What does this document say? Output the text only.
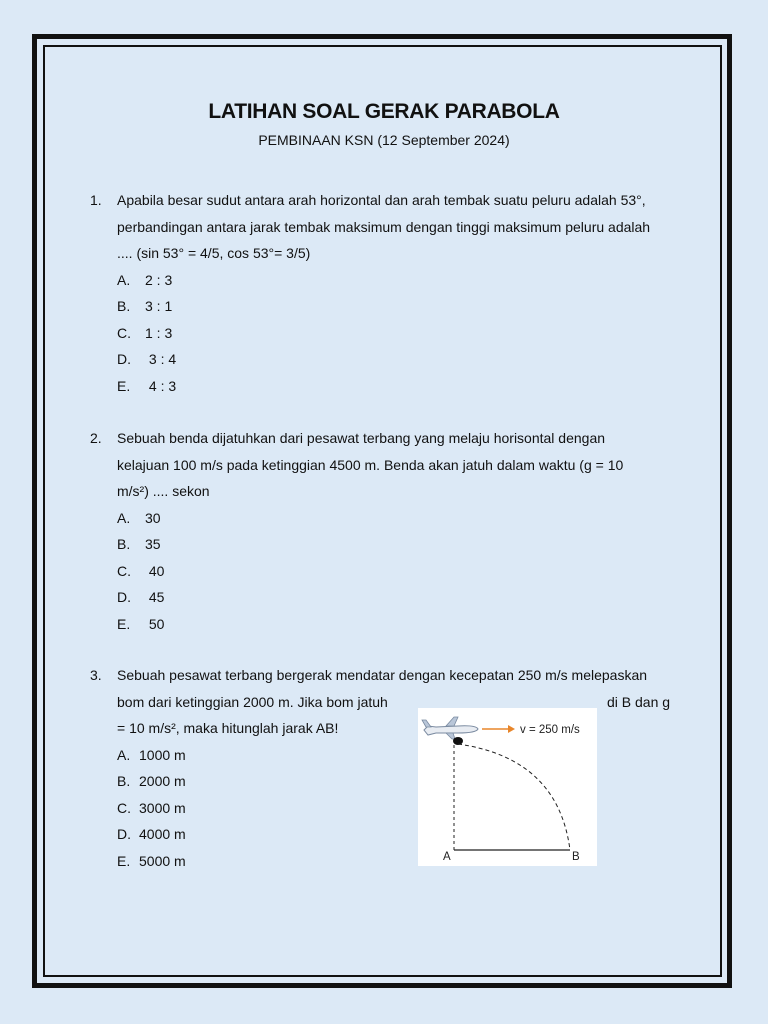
LATIHAN SOAL GERAK PARABOLA
PEMBINAAN KSN (12 September 2024)
1. Apabila besar sudut antara arah horizontal dan arah tembak suatu peluru adalah 53°,
perbandingan antara jarak tembak maksimum dengan tinggi maksimum peluru adalah
.... (sin 53° = 4/5, cos 53°= 3/5)
A. 2 : 3
B. 3 : 1
C. 1 : 3
D. 3 : 4
E. 4 : 3
2. Sebuah benda dijatuhkan dari pesawat terbang yang melaju horisontal dengan
kelajuan 100 m/s pada ketinggian 4500 m. Benda akan jatuh dalam waktu (g = 10
m/s²) .... sekon
A. 30
B. 35
C. 40
D. 45
E. 50
3. Sebuah pesawat terbang bergerak mendatar dengan kecepatan 250 m/s melepaskan
bom dari ketinggian 2000 m. Jika bom jatuh	di B dan g
= 10 m/s², maka hitunglah jarak AB!
A. 1000 m
B. 2000 m
C. 3000 m
D. 4000 m
E. 5000 m
v = 250 m/s
A	B
